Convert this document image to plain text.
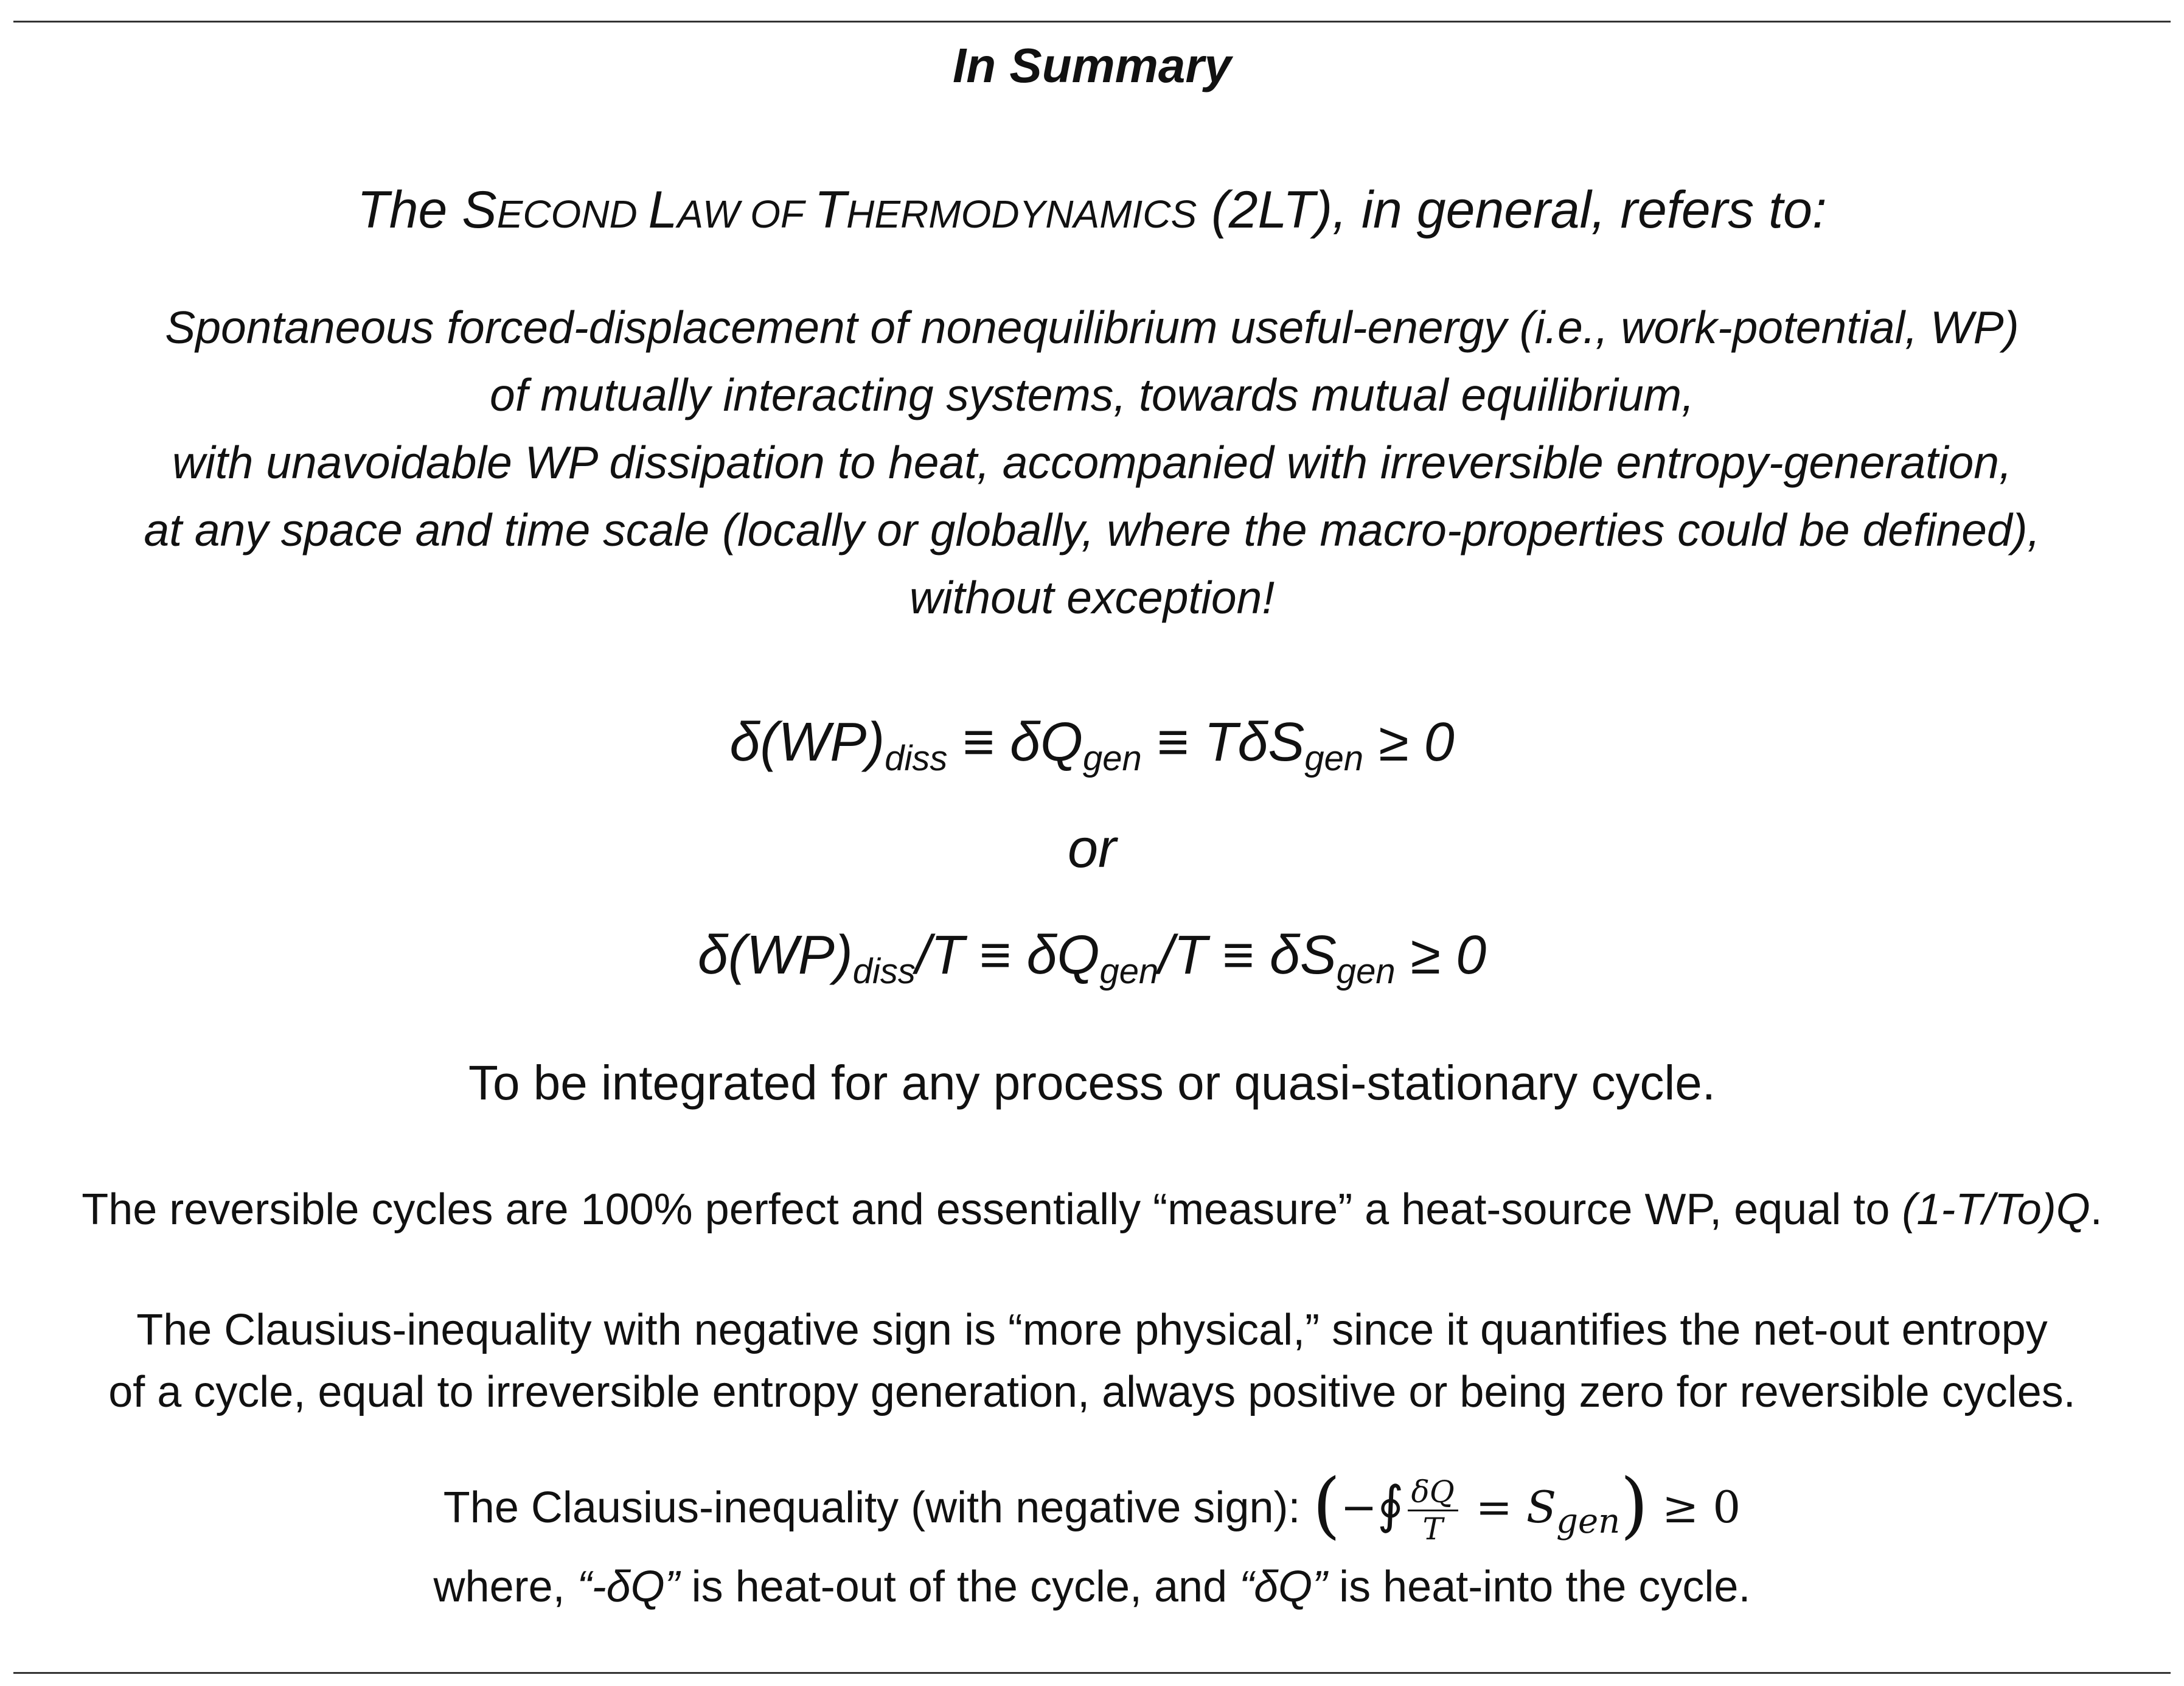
In Summary
The SECOND LAW OF THERMODYNAMICS (2LT), in general, refers to:
Spontaneous forced-displacement of nonequilibrium useful-energy (i.e., work-potential, WP)
of mutually interacting systems, towards mutual equilibrium,
with unavoidable WP dissipation to heat, accompanied with irreversible entropy-generation,
at any space and time scale (locally or globally, where the macro-properties could be defined),
without exception!
$\delta(WP)_{diss} \equiv \delta Q_{gen} \equiv T\delta S_{gen} \ge 0$
or
$\delta(WP)_{diss}/T \equiv \delta Q_{gen}/T \equiv \delta S_{gen} \ge 0$
To be integrated for any process or quasi-stationary cycle.
The reversible cycles are 100% perfect and essentially “measure” a heat-source WP, equal to (1-T/To)Q.
The Clausius-inequality with negative sign is “more physical,” since it quantifies the net-out entropy
of a cycle, equal to irreversible entropy generation, always positive or being zero for reversible cycles.
The Clausius-inequality (with negative sign): (−∮ $\frac{\delta Q}{T} = S_{gen}) \ge 0$
where, “-δQ” is heat-out of the cycle, and “δQ” is heat-into the cycle.
